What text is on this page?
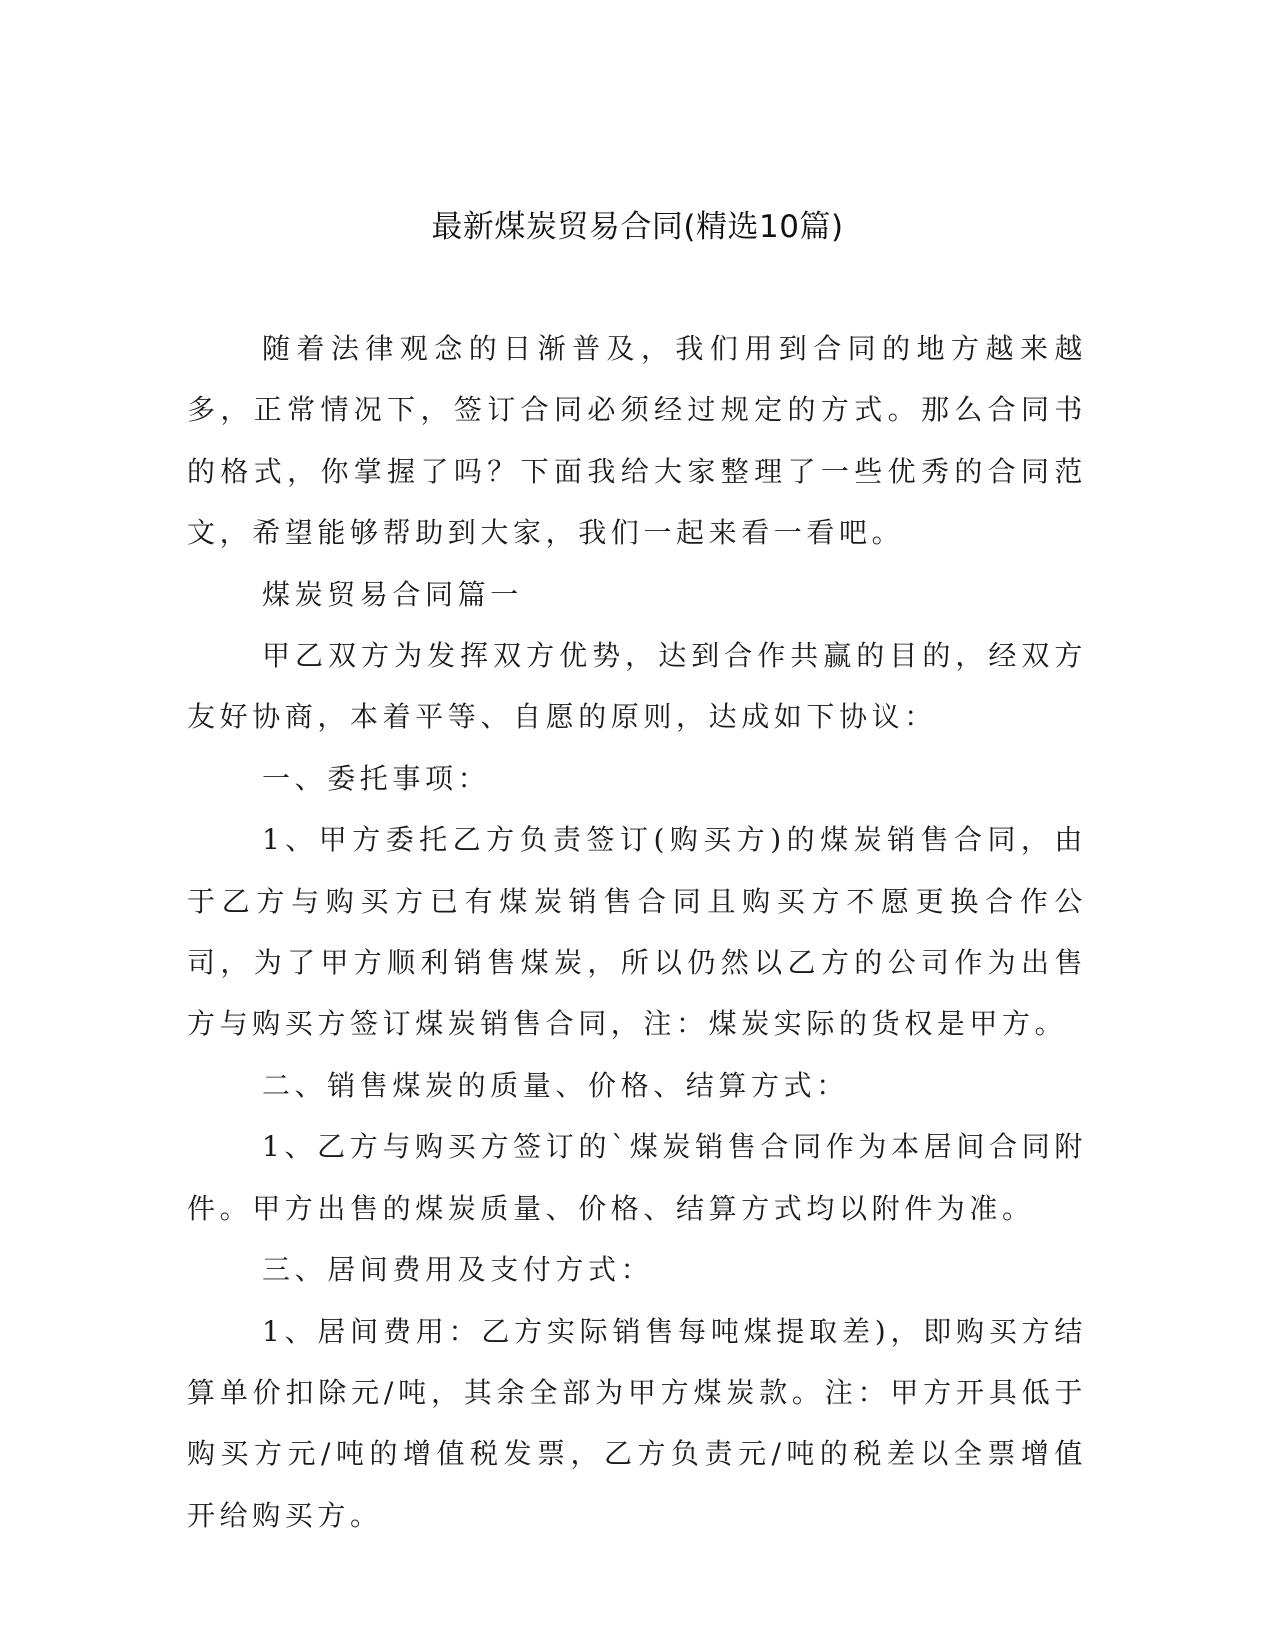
最新煤炭贸易合同(精选10篇)

随着法律观念的日渐普及，我们用到合同的地方越来越多，正常情况下，签订合同必须经过规定的方式。那么合同书的格式，你掌握了吗？下面我给大家整理了一些优秀的合同范文，希望能够帮助到大家，我们一起来看一看吧。

煤炭贸易合同篇一

甲乙双方为发挥双方优势，达到合作共赢的目的，经双方友好协商，本着平等、自愿的原则，达成如下协议：

一、委托事项：

1、甲方委托乙方负责签订(购买方)的煤炭销售合同，由于乙方与购买方已有煤炭销售合同且购买方不愿更换合作公司，为了甲方顺利销售煤炭，所以仍然以乙方的公司作为出售方与购买方签订煤炭销售合同，注：煤炭实际的货权是甲方。

二、销售煤炭的质量、价格、结算方式：

1、乙方与购买方签订的`煤炭销售合同作为本居间合同附件。甲方出售的煤炭质量、价格、结算方式均以附件为准。

三、居间费用及支付方式：

1、居间费用：乙方实际销售每吨煤提取差)，即购买方结算单价扣除元/吨，其余全部为甲方煤炭款。注：甲方开具低于购买方元/吨的增值税发票，乙方负责元/吨的税差以全票增值开给购买方。
